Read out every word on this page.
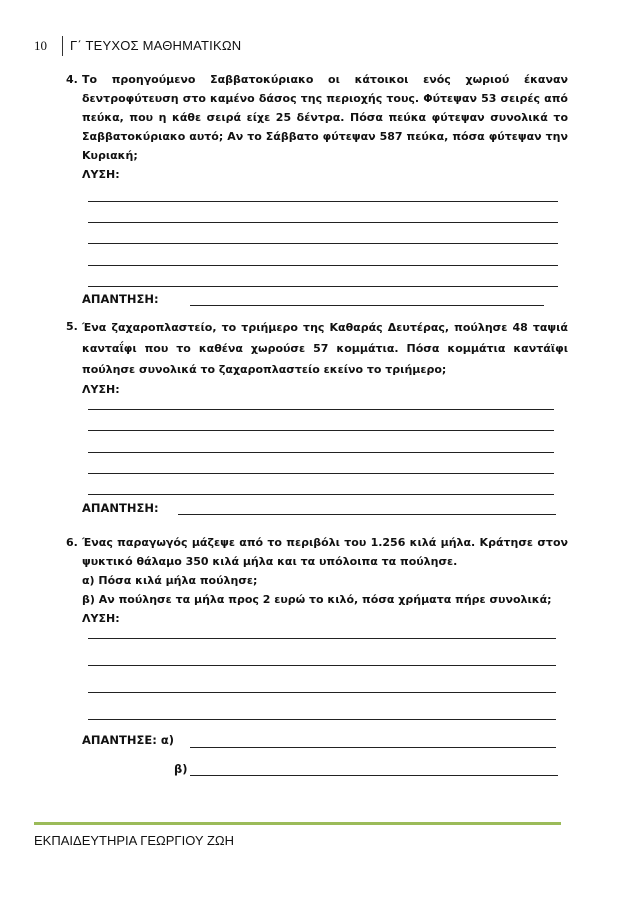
10 Γ΄ ΤΕΥΧΟΣ ΜΑΘΗΜΑΤΙΚΩΝ
4. Το προηγούμενο Σαββατοκύριακο οι κάτοικοι ενός χωριού έκαναν δεντροφύτευση στο καμένο δάσος της περιοχής τους. Φύτεψαν 53 σειρές από πεύκα, που η κάθε σειρά είχε 25 δέντρα. Πόσα πεύκα φύτεψαν συνολικά το Σαββατοκύριακο αυτό; Αν το Σάββατο φύτεψαν 587 πεύκα, πόσα φύτεψαν την Κυριακή;
ΛΥΣΗ:
ΑΠΑΝΤΗΣΗ:
5. Ένα ζαχαροπλαστείο, το τριήμερο της Καθαράς Δευτέρας, πούλησε 48 ταψιά κανταΐφι που το καθένα χωρούσε 57 κομμάτια. Πόσα κομμάτια καντάϊφι πούλησε συνολικά το ζαχαροπλαστείο εκείνο το τριήμερο;
ΛΥΣΗ:
ΑΠΑΝΤΗΣΗ:
6. Ένας παραγωγός μάζεψε από το περιβόλι του 1.256 κιλά μήλα. Κράτησε στον ψυκτικό θάλαμο 350 κιλά μήλα και τα υπόλοιπα τα πούλησε.
α) Πόσα κιλά μήλα πούλησε;
β) Αν πούλησε τα μήλα προς 2 ευρώ το κιλό, πόσα χρήματα πήρε συνολικά;
ΛΥΣΗ:
ΑΠΑΝΤΗΣΕ: α)
β)
ΕΚΠΑΙΔΕΥΤΗΡΙΑ ΓΕΩΡΓΙΟΥ ΖΩΗ
